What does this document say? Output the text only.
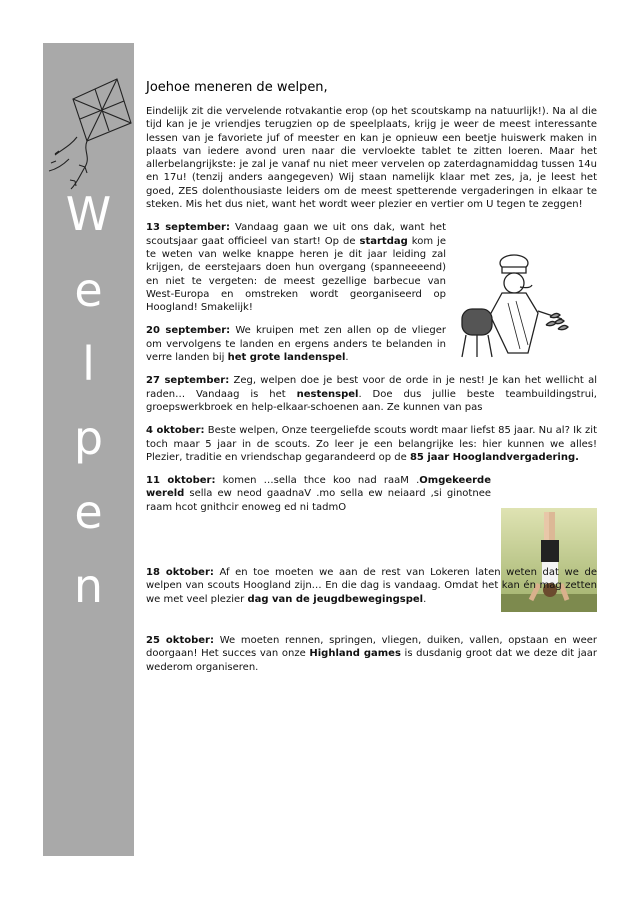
W
e
l
p
e
n
Joehoe meneren de welpen,

Eindelijk zit die vervelende rotvakantie erop (op het scoutskamp na natuurlijk!). Na al die tijd kan je je vriendjes terugzien op de speelplaats, krijg je weer de meest interessante lessen van je favoriete juf of meester en kan je opnieuw een beetje huiswerk maken in plaats van iedere avond uren naar die vervloekte tablet te zitten loeren. Maar het allerbelangrijkste: je zal je vanaf nu niet meer vervelen op zaterdagnamiddag tussen 14u en 17u! (tenzij anders aangegeven) Wij staan namelijk klaar met zes, ja, je leest het goed, ZES dolenthousiaste leiders om de meest spetterende vergaderingen in elkaar te steken. Mis het dus niet, want het wordt weer plezier en vertier om U tegen te zeggen!

13 september: Vandaag gaan we uit ons dak, want het scoutsjaar gaat officieel van start! Op de startdag kom je te weten van welke knappe heren je dit jaar leiding zal krijgen, de eerstejaars doen hun overgang (spanneeeend) en niet te vergeten: de meest gezellige barbecue van West-Europa en omstreken wordt georganiseerd op Hoogland! Smakelijk!

20 september: We kruipen met zen allen op de vlieger om vervolgens te landen en ergens anders te belanden in verre landen bij het grote landenspel.

27 september: Zeg, welpen doe je best voor de orde in je nest! Je kan het wellicht al raden… Vandaag is het nestenspel. Doe dus jullie beste teambuildingstrui, groepswerkbroek en help-elkaar-schoenen aan. Ze kunnen van pas

4 oktober: Beste welpen, Onze teergeliefde scouts wordt maar liefst 85 jaar. Nu al? Ik zit toch maar 5 jaar in de scouts. Zo leer je een belangrijke les: hier kunnen we alles! Plezier, traditie en vriendschap gegarandeerd op de 85 jaar Hooglandvergadering.

11 oktober: komen …sella thce koo nad raaM .Omgekeerde wereld sella ew neod gaadnaV .mo sella ew neiaard ,si ginotnee raam hcot gnithcir enoweg ed ni tadmO

18 oktober: Af en toe moeten we aan de rest van Lokeren laten weten dat we de welpen van scouts Hoogland zijn… En die dag is vandaag. Omdat het kan én mag zetten we met veel plezier dag van de jeugdbewegingspel.

25 oktober: We moeten rennen, springen, vliegen, duiken, vallen, opstaan en weer doorgaan! Het succes van onze Highland games is dusdanig groot dat we deze dit jaar wederom organiseren.
